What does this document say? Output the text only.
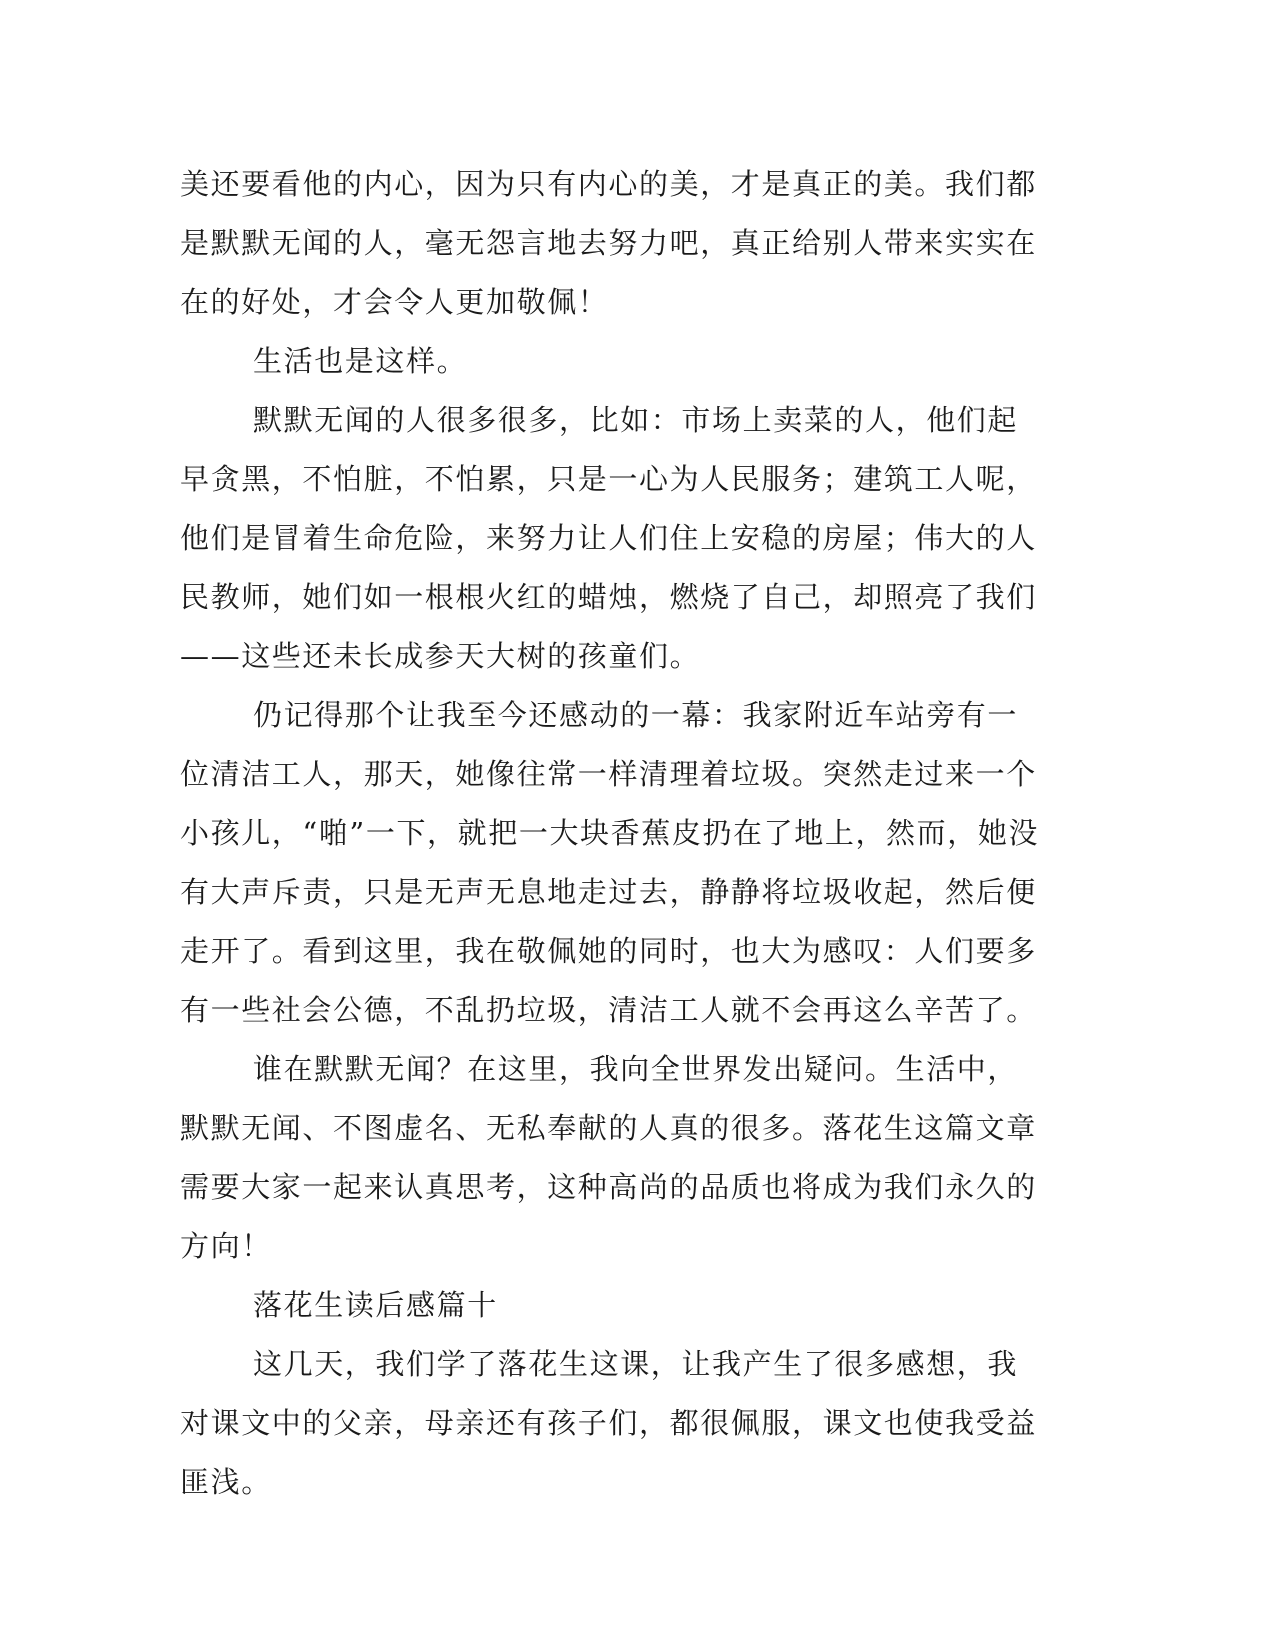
美还要看他的内心，因为只有内心的美，才是真正的美。我们都是默默无闻的人，毫无怨言地去努力吧，真正给别人带来实实在在的好处，才会令人更加敬佩！

生活也是这样。

默默无闻的人很多很多，比如：市场上卖菜的人，他们起早贪黑，不怕脏，不怕累，只是一心为人民服务；建筑工人呢，他们是冒着生命危险，来努力让人们住上安稳的房屋；伟大的人民教师，她们如一根根火红的蜡烛，燃烧了自己，却照亮了我们——这些还未长成参天大树的孩童们。

仍记得那个让我至今还感动的一幕：我家附近车站旁有一位清洁工人，那天，她像往常一样清理着垃圾。突然走过来一个小孩儿，“啪”一下，就把一大块香蕉皮扔在了地上，然而，她没有大声斥责，只是无声无息地走过去，静静将垃圾收起，然后便走开了。看到这里，我在敬佩她的同时，也大为感叹：人们要多有一些社会公德，不乱扔垃圾，清洁工人就不会再这么辛苦了。

谁在默默无闻？在这里，我向全世界发出疑问。生活中，默默无闻、不图虚名、无私奉献的人真的很多。落花生这篇文章需要大家一起来认真思考，这种高尚的品质也将成为我们永久的方向！

落花生读后感篇十

这几天，我们学了落花生这课，让我产生了很多感想，我对课文中的父亲，母亲还有孩子们，都很佩服，课文也使我受益匪浅。
